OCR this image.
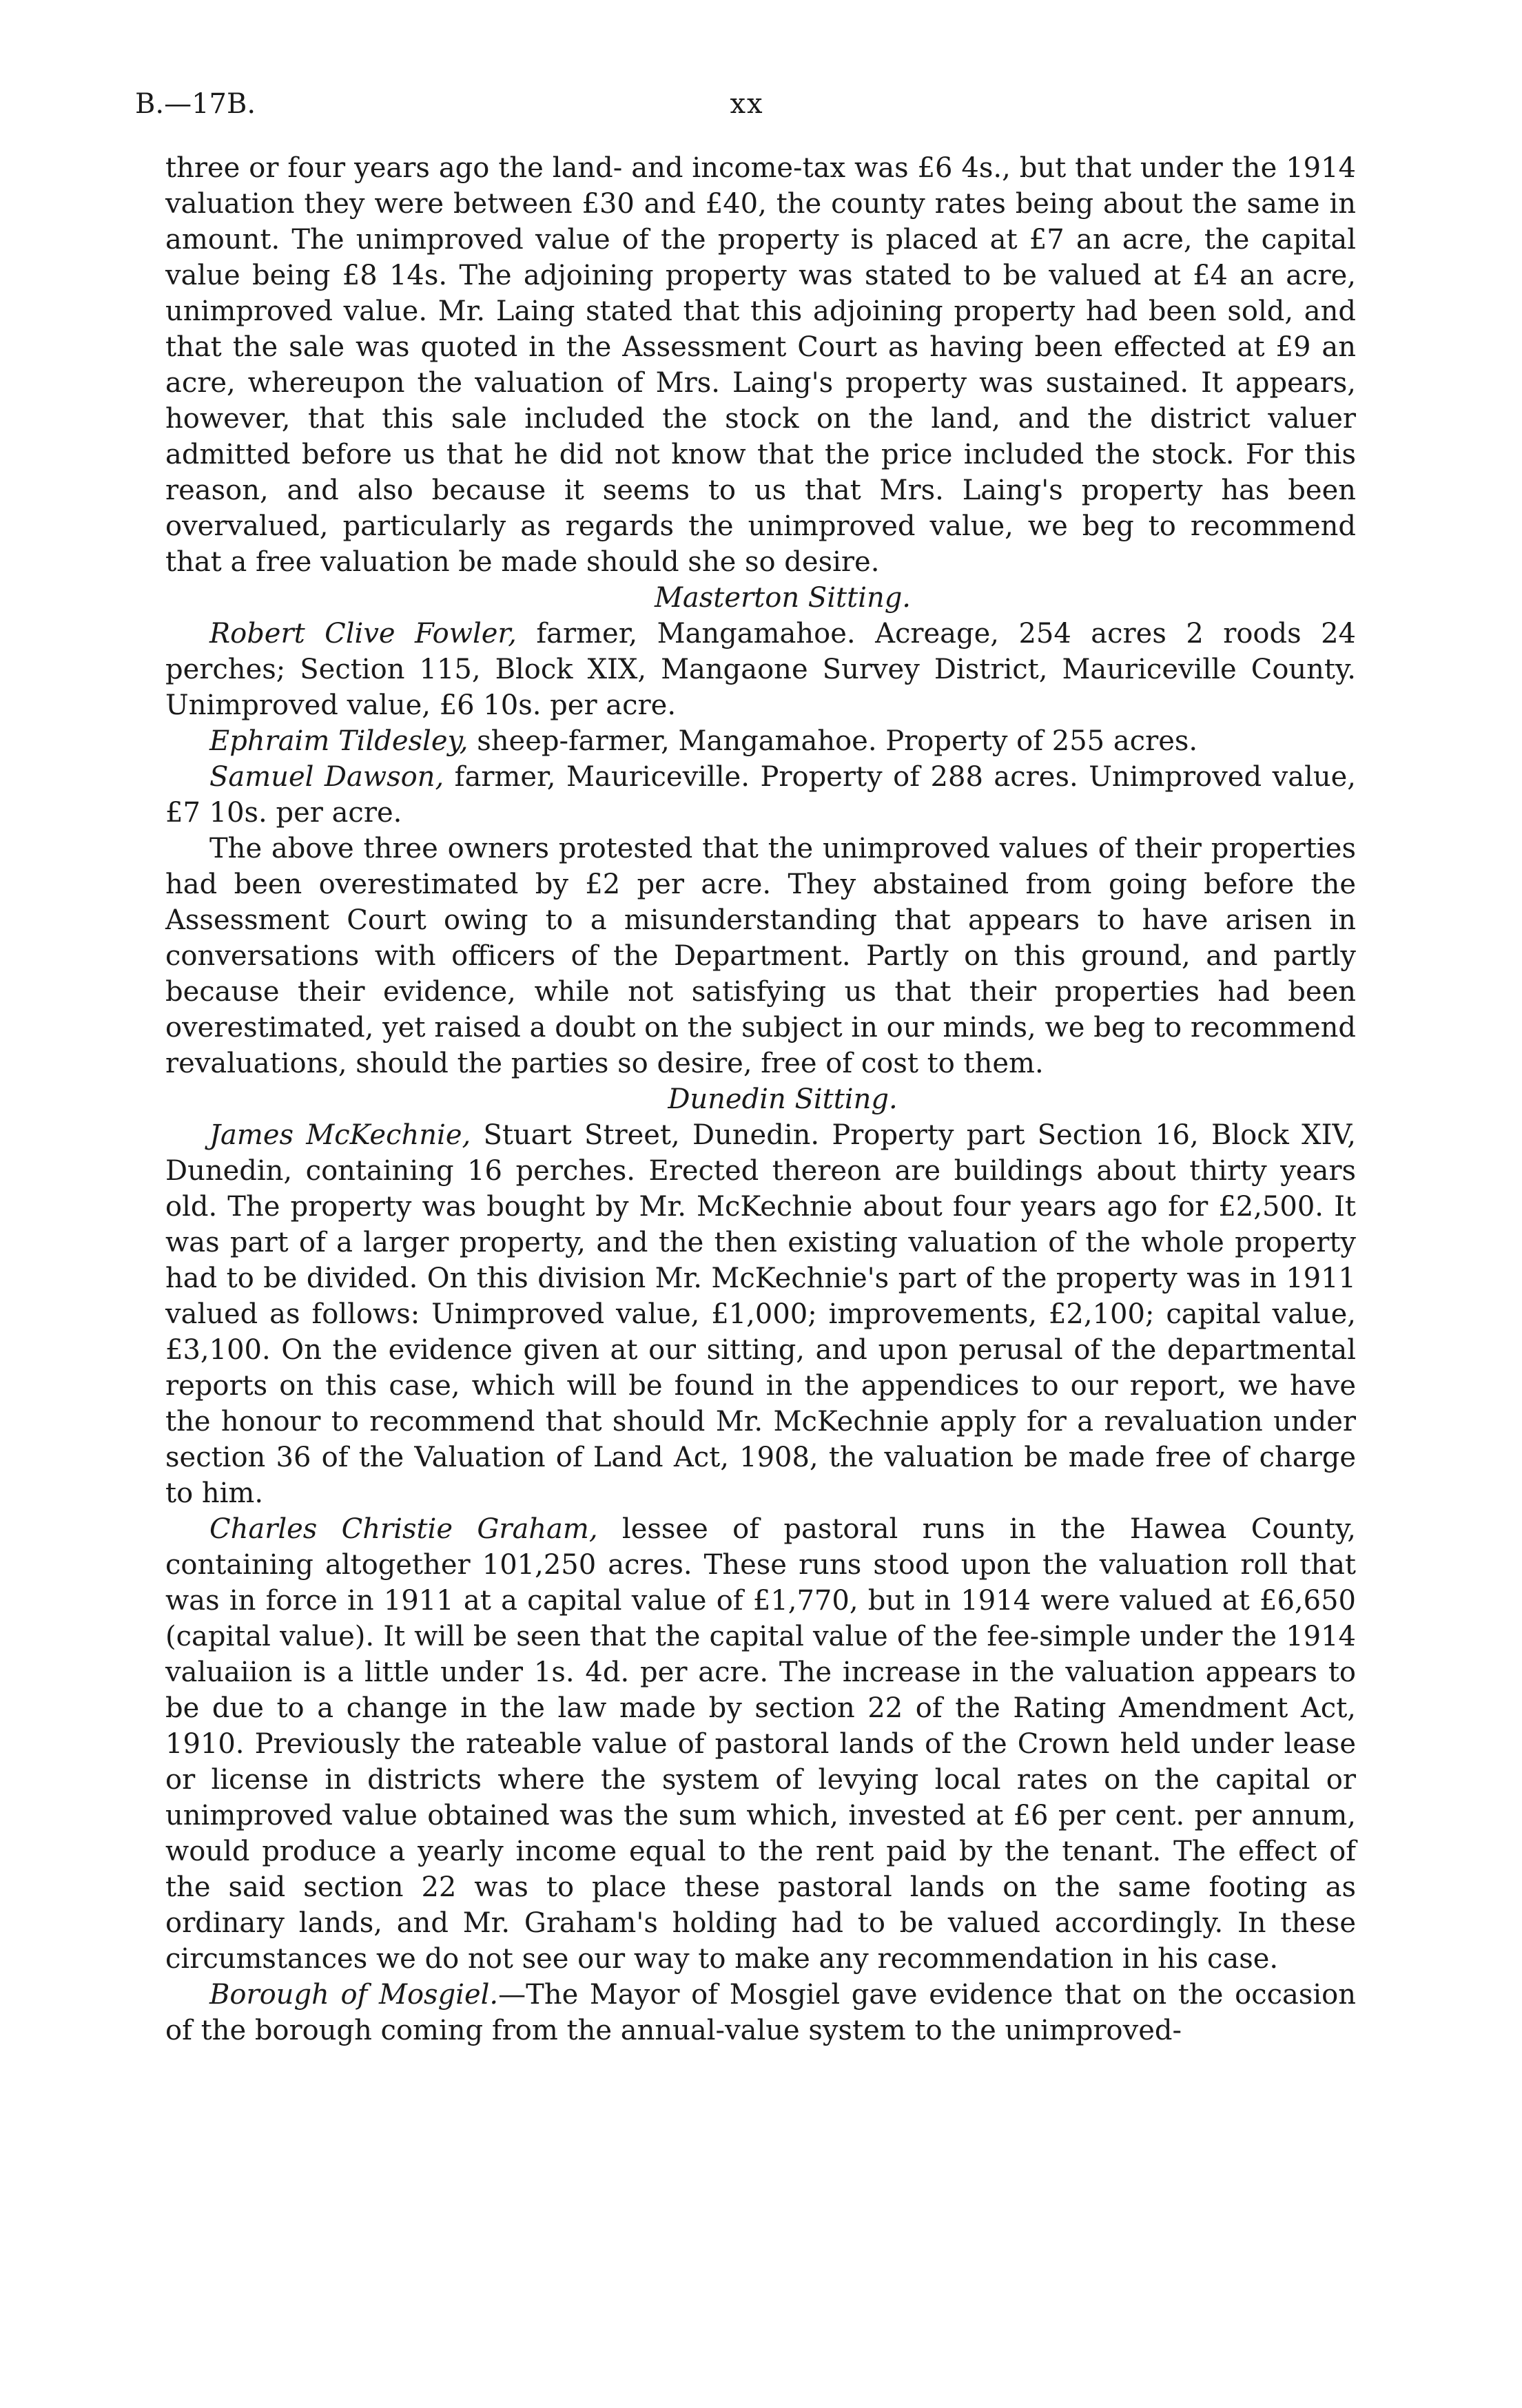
B.—17B.	xx

three or four years ago the land- and income-tax was £6 4s., but that under the 1914 valuation they were between £30 and £40, the county rates being about the same in amount. The unimproved value of the property is placed at £7 an acre, the capital value being £8 14s. The adjoining property was stated to be valued at £4 an acre, unimproved value. Mr. Laing stated that this adjoining property had been sold, and that the sale was quoted in the Assessment Court as having been effected at £9 an acre, whereupon the valuation of Mrs. Laing's property was sustained. It appears, however, that this sale included the stock on the land, and the district valuer admitted before us that he did not know that the price included the stock. For this reason, and also because it seems to us that Mrs. Laing's property has been overvalued, particularly as regards the unimproved value, we beg to recommend that a free valuation be made should she so desire.

Masterton Sitting.

Robert Clive Fowler, farmer, Mangamahoe. Acreage, 254 acres 2 roods 24 perches; Section 115, Block XIX, Mangaone Survey District, Mauriceville County. Unimproved value, £6 10s. per acre.

Ephraim Tildesley, sheep-farmer, Mangamahoe. Property of 255 acres.

Samuel Dawson, farmer, Mauriceville. Property of 288 acres. Unimproved value, £7 10s. per acre.

The above three owners protested that the unimproved values of their properties had been overestimated by £2 per acre. They abstained from going before the Assessment Court owing to a misunderstanding that appears to have arisen in conversations with officers of the Department. Partly on this ground, and partly because their evidence, while not satisfying us that their properties had been overestimated, yet raised a doubt on the subject in our minds, we beg to recommend revaluations, should the parties so desire, free of cost to them.

Dunedin Sitting.

James McKechnie, Stuart Street, Dunedin. Property part Section 16, Block XIV, Dunedin, containing 16 perches. Erected thereon are buildings about thirty years old. The property was bought by Mr. McKechnie about four years ago for £2,500. It was part of a larger property, and the then existing valuation of the whole property had to be divided. On this division Mr. McKechnie's part of the property was in 1911 valued as follows: Unimproved value, £1,000; improvements, £2,100; capital value, £3,100. On the evidence given at our sitting, and upon perusal of the departmental reports on this case, which will be found in the appendices to our report, we have the honour to recommend that should Mr. McKechnie apply for a revaluation under section 36 of the Valuation of Land Act, 1908, the valuation be made free of charge to him.

Charles Christie Graham, lessee of pastoral runs in the Hawea County, containing altogether 101,250 acres. These runs stood upon the valuation roll that was in force in 1911 at a capital value of £1,770, but in 1914 were valued at £6,650 (capital value). It will be seen that the capital value of the fee-simple under the 1914 valuaiion is a little under 1s. 4d. per acre. The increase in the valuation appears to be due to a change in the law made by section 22 of the Rating Amendment Act, 1910. Previously the rateable value of pastoral lands of the Crown held under lease or license in districts where the system of levying local rates on the capital or unimproved value obtained was the sum which, invested at £6 per cent. per annum, would produce a yearly income equal to the rent paid by the tenant. The effect of the said section 22 was to place these pastoral lands on the same footing as ordinary lands, and Mr. Graham's holding had to be valued accordingly. In these circumstances we do not see our way to make any recommendation in his case.

Borough of Mosgiel.—The Mayor of Mosgiel gave evidence that on the occasion of the borough coming from the annual-value system to the unimproved-
